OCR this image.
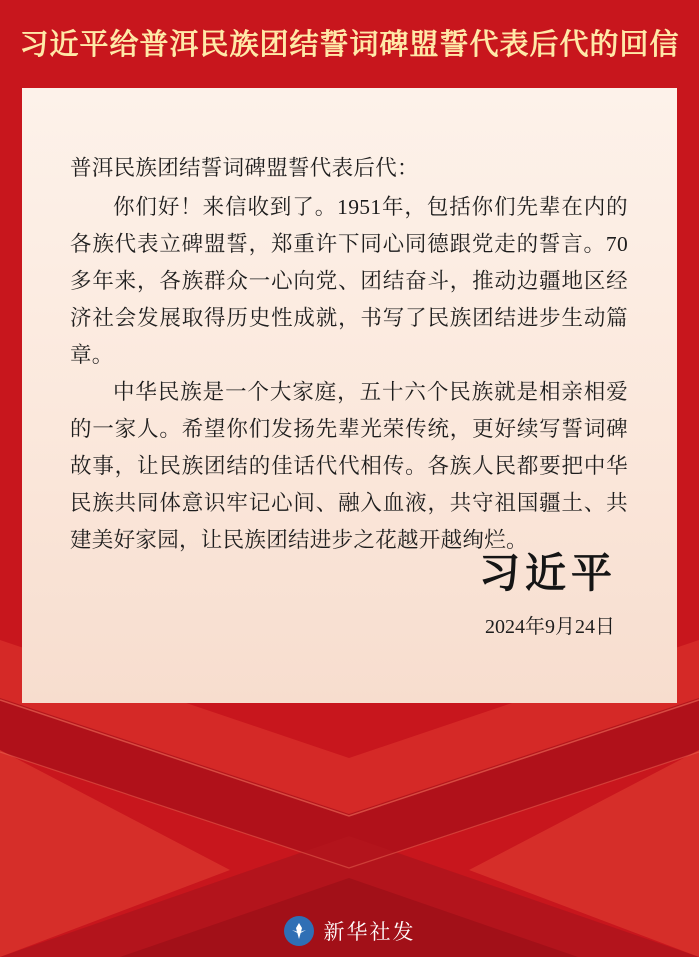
习近平给普洱民族团结誓词碑盟誓代表后代的回信

普洱民族团结誓词碑盟誓代表后代：

你们好！来信收到了。1951年，包括你们先辈在内的各族代表立碑盟誓，郑重许下同心同德跟党走的誓言。70多年来，各族群众一心向党、团结奋斗，推动边疆地区经济社会发展取得历史性成就，书写了民族团结进步生动篇章。

中华民族是一个大家庭，五十六个民族就是相亲相爱的一家人。希望你们发扬先辈光荣传统，更好续写誓词碑故事，让民族团结的佳话代代相传。各族人民都要把中华民族共同体意识牢记心间、融入血液，共守祖国疆土、共建美好家园，让民族团结进步之花越开越绚烂。

习近平
2024年9月24日
新华社发
